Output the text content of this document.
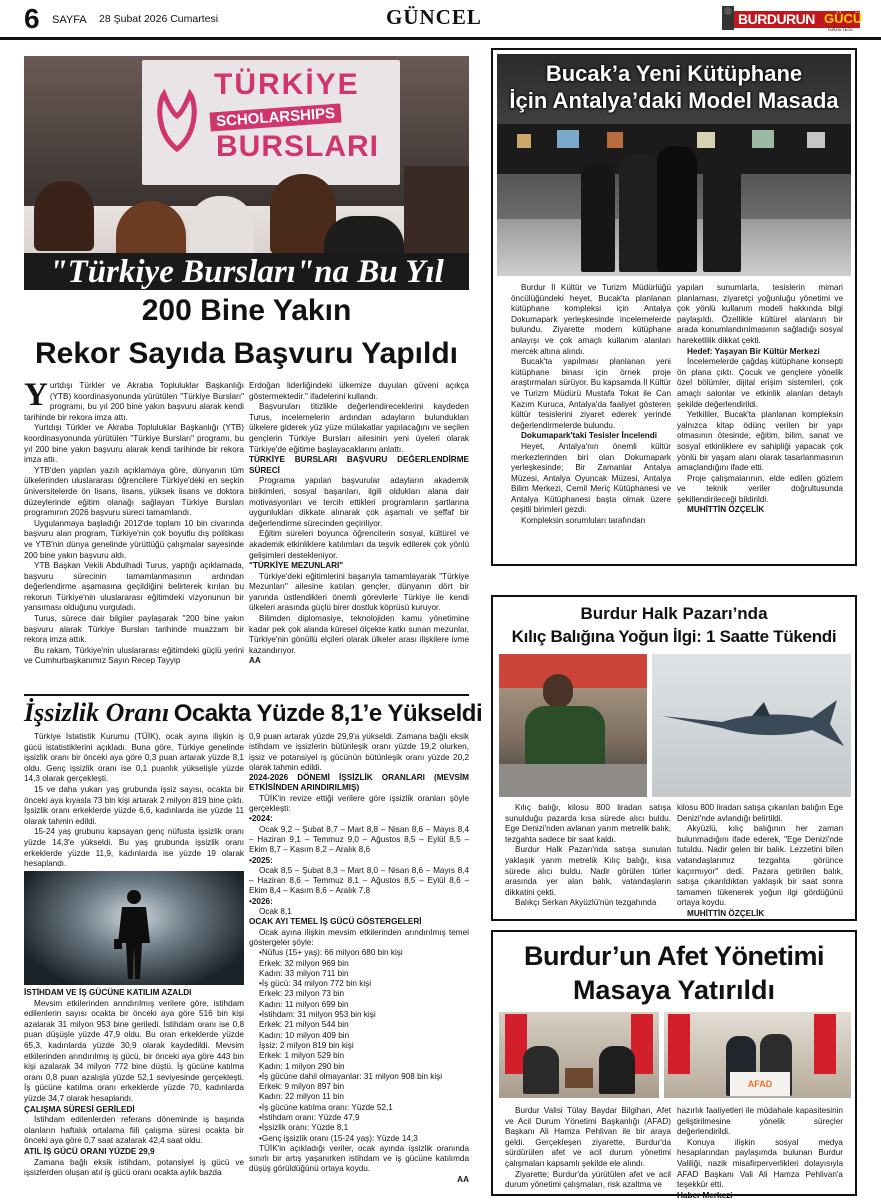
6 SAYFA 28 Şubat 2026 Cumartesi	GÜNCEL	BURDURUN GÜCÜ
GAZETESİ
TÜRKİYE
SCHOLARSHIPS
BURSLARI
"Türkiye Bursları"na Bu Yıl
200 Bine Yakın
Rekor Sayıda Başvuru Yapıldı

Yurtdışı Türkler ve Akraba Topluluklar Başkanlığı (YTB) koordinasyonunda yürütülen "Türkiye Bursları" programı, bu yıl 200 bine yakın başvuru alarak kendi tarihinde bir rekora imza attı.

Yurtdışı Türkler ve Akraba Topluluklar Başkanlığı (YTB) koordinasyonunda yürütülen "Türkiye Bursları" programı, bu yıl 200 bine yakın başvuru alarak kendi tarihinde bir rekora imza attı.

YTB'den yapılan yazılı açıklamaya göre, dünyanın tüm ülkelerinden uluslararası öğrencilere Türkiye'deki en seçkin üniversitelerde ön lisans, lisans, yüksek lisans ve doktora düzeylerinde eğitim olanağı sağlayan Türkiye Bursları programının 2026 başvuru süreci tamamlandı.

Uygulanmaya başladığı 2012'de toplam 10 bin civarında başvuru alan program, Türkiye'nin çok boyutlu dış politikası ve YTB'nin dünya genelinde yürüttüğü çalışmalar sayesinde 200 bine yakın başvuru aldı.

YTB Başkan Vekili Abdulhadi Turus, yaptığı açıklamada, başvuru sürecinin tamamlanmasının ardından değerlendirme aşamasına geçildiğini belirterek kırılan bu rekorun Türkiye'nin uluslararası eğitimdeki vizyonunun bir yansıması olduğunu vurguladı.

Turus, sürece dair bilgiler paylaşarak "200 bine yakın başvuru alarak Türkiye Bursları tarihinde muazzam bir rekora imza attık.

Bu rakam, Türkiye'nin uluslararası eğitimdeki güçlü yerini ve Cumhurbaşkanımız Sayın Recep Tayyip

Erdoğan liderliğindeki ülkemize duyulan güveni açıkça göstermektedir." ifadelerini kullandı.

Başvuruları titizlikle değerlendireceklerini kaydeden Turus, incelemelerin ardından adayların bulundukları ülkelere giderek yüz yüze mülakatlar yapılacağını ve seçilen gençlerin Türkiye Bursları ailesinin yeni üyeleri olarak Türkiye'de eğitime başlayacaklarını anlattı.

TÜRKİYE BURSLARI BAŞVURU DEĞERLENDİRME SÜRECİ

Programa yapılan başvurular adayların akademik birikimleri, sosyal başarıları, ilgili oldukları alana dair motivasyonları ve tercih ettikleri programların şartlarına uygunlukları dikkate alınarak çok aşamalı ve şeffaf bir değerlendirme sürecinden geçiriliyor.

Eğitim süreleri boyunca öğrencilerin sosyal, kültürel ve akademik etkinliklere katılımları da teşvik edilerek çok yönlü gelişimleri destekleniyor.

"TÜRKİYE MEZUNLARI"

Türkiye'deki eğitimlerini başarıyla tamamlayarak "Türkiye Mezunları" ailesine katılan gençler, dünyanın dört bir yanında üstlendikleri önemli görevlerle Türkiye ile kendi ülkeleri arasında güçlü birer dostluk köprüsü kuruyor.

Bilimden diplomasiye, teknolojiden kamu yönetimine kadar pek çok alanda küresel ölçekte katkı sunan mezunlar, Türkiye'nin gönüllü elçileri olarak ülkeler arası ilişkilere ivme kazandırıyor.

AA

İşsizlik Oranı Ocakta Yüzde 8,1’e Yükseldi

Türkiye İstatistik Kurumu (TÜİK), ocak ayına ilişkin iş gücü istatistiklerini açıkladı. Buna göre, Türkiye genelinde işsizlik oranı bir önceki aya göre 0,3 puan artarak yüzde 8,1 oldu. Genç işsizlik oranı ise 0,1 puanlık yükselişle yüzde 14,3 olarak gerçekleşti.

15 ve daha yukarı yaş grubunda işsiz sayısı, ocakta bir önceki aya kıyasla 73 bin kişi artarak 2 milyon 819 bine çıktı. İşsizlik oranı erkeklerde yüzde 6,6, kadınlarda ise yüzde 11 olarak tahmin edildi.

15-24 yaş grubunu kapsayan genç nüfusta işsizlik oranı yüzde 14,3'e yükseldi. Bu yaş grubunda işsizlik oranı erkeklerde yüzde 11,9, kadınlarda ise yüzde 19 olarak hesaplandı.

İSTİHDAM VE İŞ GÜCÜNE KATILIM AZALDI

Mevsim etkilerinden arındırılmış verilere göre, istihdam edilenlerin sayısı ocakta bir önceki aya göre 516 bin kişi azalarak 31 milyon 953 bine geriledi. İstihdam oranı ise 0,8 puan düşüşle yüzde 47,9 oldu. Bu oran erkeklerde yüzde 65,3, kadınlarda yüzde 30,9 olarak kaydedildi. Mevsim etkilerinden arındırılmış iş gücü, bir önceki aya göre 443 bin kişi azalarak 34 milyon 772 bine düştü. İş gücüne katılma oranı 0,8 puan azalışla yüzde 52,1 seviyesinde gerçekleşti. İş gücüne katılma oranı erkeklerde yüzde 70, kadınlarda yüzde 34,7 olarak hesaplandı.

ÇALIŞMA SÜRESİ GERİLEDİ

İstihdam edilenlerden referans döneminde iş başında olanların haftalık ortalama fiili çalışma süresi ocakta bir önceki aya göre 0,7 saat azalarak 42,4 saat oldu.

ATIL İŞ GÜCÜ ORANI YÜZDE 29,9

Zamana bağlı eksik istihdam, potansiyel iş gücü ve işsizlerden oluşan atıl iş gücü oranı ocakta aylık bazda

0,9 puan artarak yüzde 29,9'a yükseldi. Zamana bağlı eksik istihdam ve işsizlerin bütünleşik oranı yüzde 19,2 olurken, işsiz ve potansiyel iş gücünün bütünleşik oranı yüzde 20,2 olarak tahmin edildi.

2024-2026 DÖNEMİ İŞSİZLİK ORANLARI (MEVSİM ETKİSİNDEN ARINDIRILMIŞ)

TÜİK'in revize ettiği verilere göre işsizlik oranları şöyle gerçekleşti:

•2024:

Ocak 9,2 – Şubat 8,7 – Mart 8,8 – Nisan 8,6 – Mayıs 8,4 – Haziran 9,1 – Temmuz 9,0 – Ağustos 8,5 – Eylül 8,5 – Ekim 8,7 – Kasım 8,2 – Aralık 8,6

•2025:

Ocak 8,5 – Şubat 8,3 – Mart 8,0 – Nisan 8,6 – Mayıs 8,4 – Haziran 8,6 – Temmuz 8,1 – Ağustos 8,5 – Eylül 8,6 – Ekim 8,4 – Kasım 8,6 – Aralık 7,8

•2026:

Ocak 8,1

OCAK AYI TEMEL İŞ GÜCÜ GÖSTERGELERİ

Ocak ayına ilişkin mevsim etkilerinden arındırılmış temel göstergeler şöyle:

•Nüfus (15+ yaş): 66 milyon 680 bin kişi

Erkek: 32 milyon 969 bin

Kadın: 33 milyon 711 bin

•İş gücü: 34 milyon 772 bin kişi

Erkek: 23 milyon 73 bin

Kadın: 11 milyon 699 bin

•İstihdam: 31 milyon 953 bin kişi

Erkek: 21 milyon 544 bin

Kadın: 10 milyon 409 bin

İşsiz: 2 milyon 819 bin kişi

Erkek: 1 milyon 529 bin

Kadın: 1 milyon 290 bin

•İş gücüne dahil olmayanlar: 31 milyon 908 bin kişi

Erkek: 9 milyon 897 bin

Kadın: 22 milyon 11 bin

•İş gücüne katılma oranı: Yüzde 52,1

•İstihdam oranı: Yüzde 47,9

•İşsizlik oranı: Yüzde 8,1

•Genç işsizlik oranı (15-24 yaş): Yüzde 14,3

TÜİK'in açıkladığı veriler, ocak ayında işsizlik oranında sınırlı bir artış yaşanırken istihdam ve iş gücüne katılımda düşüş görüldüğünü ortaya koydu.

AA

Bucak’a Yeni Kütüphane
İçin Antalya’daki Model Masada

Burdur İl Kültür ve Turizm Müdürlüğü öncülüğündeki heyet, Bucak'ta planlanan kütüphane kompleksi için Antalya Dokumapark yerleşkesinde incelemelerde bulundu. Ziyarette modern kütüphane anlayışı ve çok amaçlı kullanım alanları mercek altına alındı.

Bucak'ta yapılması planlanan yeni kütüphane binası için örnek proje araştırmaları sürüyor. Bu kapsamda İl Kültür ve Turizm Müdürü Mustafa Tokat ile Can Kazım Kuruca, Antalya'da faaliyet gösteren kültür tesislerini ziyaret ederek yerinde değerlendirmelerde bulundu.

Dokumapark'taki Tesisler İncelendi

Heyet, Antalya'nın önemli kültür merkezlerinden biri olan Dokumapark yerleşkesinde; Bir Zamanlar Antalya Müzesi, Antalya Oyuncak Müzesi, Antalya Bilim Merkezi, Cemil Meriç Kütüphanesi ve Antalya Kütüphanesi başta olmak üzere çeşitli birimleri gezdi.

Kompleksin sorumluları tarafından

yapılan sunumlarla, tesislerin mimari planlaması, ziyaretçi yoğunluğu yönetimi ve çok yönlü kullanım modeli hakkında bilgi paylaşıldı. Özellikle kültürel alanların bir arada konumlandırılmasının sağladığı sosyal hareketlilik dikkat çekti.

Hedef: Yaşayan Bir Kültür Merkezi

İncelemelerde çağdaş kütüphane konsepti ön plana çıktı. Çocuk ve gençlere yönelik özel bölümler, dijital erişim sistemleri, çok amaçlı salonlar ve etkinlik alanları detaylı şekilde değerlendirildi.

Yetkililer, Bucak'ta planlanan kompleksin yalnızca kitap ödünç verilen bir yapı olmasının ötesinde; eğitim, bilim, sanat ve sosyal etkinliklere ev sahipliği yapacak çok yönlü bir yaşam alanı olarak tasarlanmasının amaçlandığını ifade etti.

Proje çalışmalarının, elde edilen gözlem ve teknik veriler doğrultusunda şekillendirileceği bildirildi.

MUHİTTİN ÖZÇELİK

Burdur Halk Pazarı’nda
Kılıç Balığına Yoğun İlgi: 1 Saatte Tükendi

Kılıç balığı, kilosu 800 liradan satışa sunulduğu pazarda kısa sürede alıcı buldu. Ege Denizi'nden avlanan yarım metrelik balık, tezgahta sadece bir saat kaldı.

Burdur Halk Pazarı'nda satışa sunulan yaklaşık yarım metrelik Kılıç balığı, kısa sürede alıcı buldu. Nadir görülen türler arasında yer alan balık, vatandaşların dikkatini çekti.

Balıkçı Serkan Akyüzlü'nün tezgahında

kilosu 800 liradan satışa çıkarılan balığın Ege Denizi'nde avlandığı belirtildi.

Akyüzlü, kılıç balığının her zaman bulunmadığını ifade ederek, "Ege Denizi'nde tutuldu. Nadir gelen bir balık. Lezzetini bilen vatandaşlarımız tezgahta görünce kaçırmıyor" dedi. Pazara getirilen balık, satışa çıkarıldıktan yaklaşık bir saat sonra tamamen tükenerek yoğun ilgi gördüğünü ortaya koydu.

MUHİTTİN ÖZÇELİK

Burdur’un Afet Yönetimi
Masaya Yatırıldı
AFAD

Burdur Valisi Tülay Baydar Bilgihan, Afet ve Acil Durum Yönetimi Başkanlığı (AFAD) Başkanı Ali Hamza Pehlivan ile bir araya geldi. Gerçekleşen ziyarette, Burdur'da sürdürülen afet ve acil durum yönetimi çalışmaları kapsamlı şekilde ele alındı.

Ziyarette; Burdur'da yürütülen afet ve acil durum yönetimi çalışmaları, risk azaltma ve

hazırlık faaliyetleri ile müdahale kapasitesinin geliştirilmesine yönelik süreçler değerlendirildi.

Konuya ilişkin sosyal medya hesaplarından paylaşımda bulunan Burdur Valiliği, nazik misafirperverlikleri dolayısıyla AFAD Başkanı Vali Ali Hamza Pehlivan'a teşekkür etti.

Haber Merkezi
